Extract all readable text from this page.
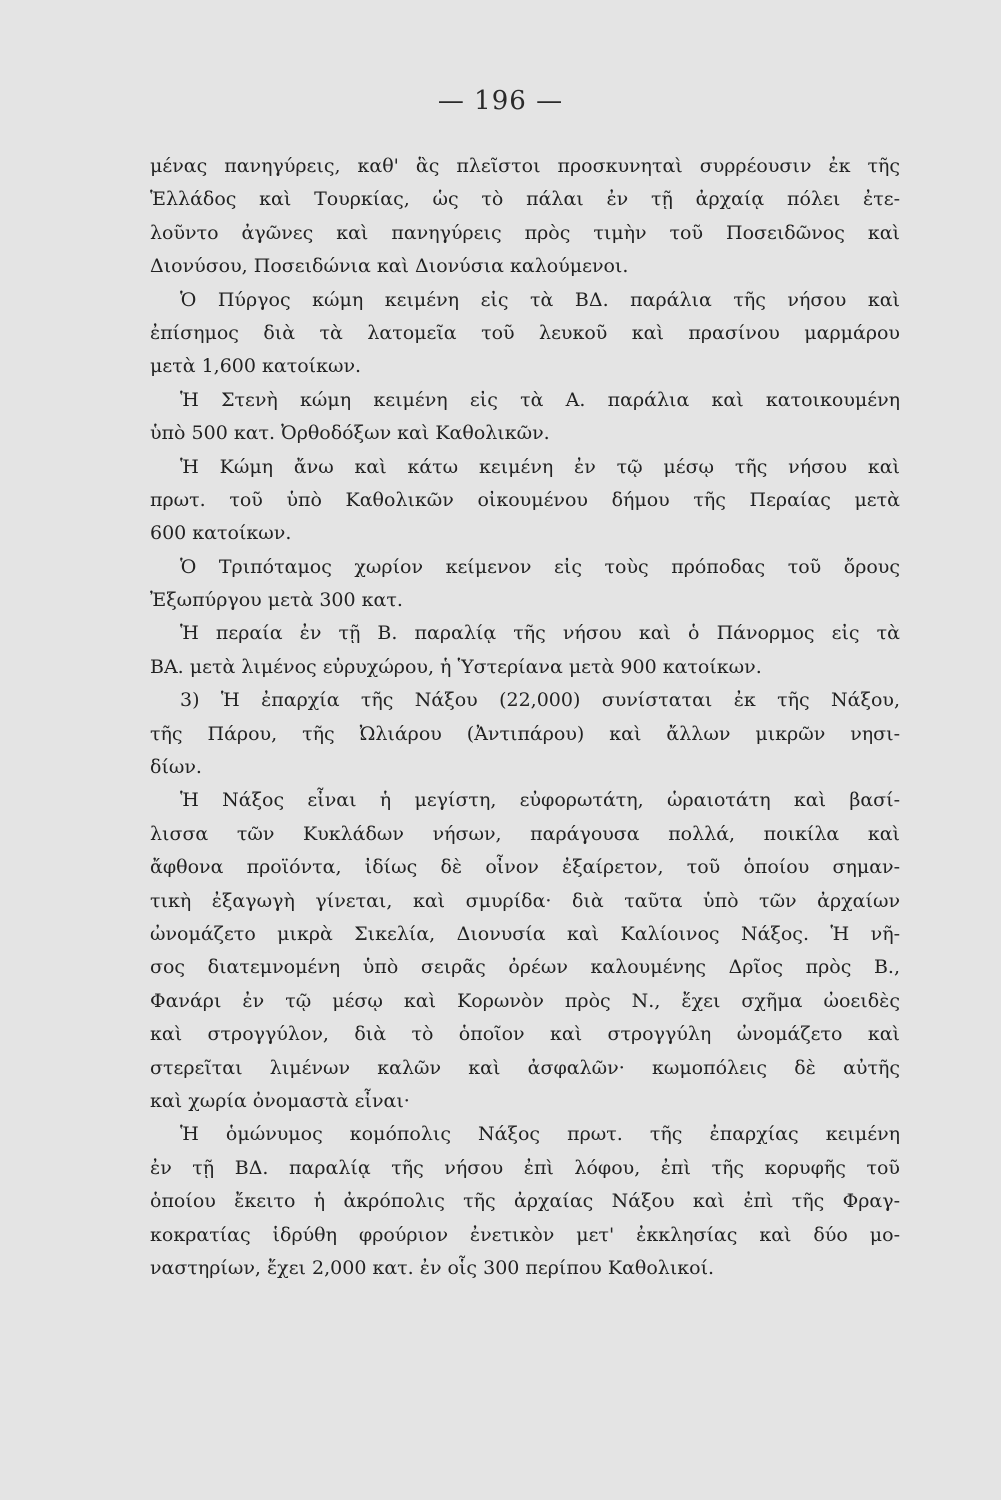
— 196 —
μένας πανηγύρεις, καθ' ἃς πλεῖστοι προσκυνηταὶ συρρέουσιν ἐκ τῆς
Ἑλλάδος καὶ Τουρκίας, ὡς τὸ πάλαι ἐν τῇ ἀρχαίᾳ πόλει ἐτε-
λοῦντο ἀγῶνες καὶ πανηγύρεις πρὸς τιμὴν τοῦ Ποσειδῶνος καὶ
Διονύσου, Ποσειδώνια καὶ Διονύσια καλούμενοι.
Ὁ Πύργος κώμη κειμένη εἰς τὰ ΒΔ. παράλια τῆς νήσου καὶ
ἐπίσημος διὰ τὰ λατομεῖα τοῦ λευκοῦ καὶ πρασίνου μαρμάρου
μετὰ 1,600 κατοίκων.
Ἡ Στενὴ κώμη κειμένη εἰς τὰ Α. παράλια καὶ κατοικουμένη
ὑπὸ 500 κατ. Ὀρθοδόξων καὶ Καθολικῶν.
Ἡ Κώμη ἄνω καὶ κάτω κειμένη ἐν τῷ μέσῳ τῆς νήσου καὶ
πρωτ. τοῦ ὑπὸ Καθολικῶν οἰκουμένου δήμου τῆς Περαίας μετὰ
600 κατοίκων.
Ὁ Τριπόταμος χωρίον κείμενον εἰς τοὺς πρόποδας τοῦ ὄρους
Ἐξωπύργου μετὰ 300 κατ.
Ἡ περαία ἐν τῇ Β. παραλίᾳ τῆς νήσου καὶ ὁ Πάνορμος εἰς τὰ
ΒΑ. μετὰ λιμένος εὐρυχώρου, ἡ Ὑστερίανα μετὰ 900 κατοίκων.
3) Ἡ ἐπαρχία τῆς Νάξου (22,000) συνίσταται ἐκ τῆς Νάξου,
τῆς Πάρου, τῆς Ὠλιάρου (Ἀντιπάρου) καὶ ἄλλων μικρῶν νησι-
δίων.
Ἡ Νάξος εἶναι ἡ μεγίστη, εὐφορωτάτη, ὡραιοτάτη καὶ βασί-
λισσα τῶν Κυκλάδων νήσων, παράγουσα πολλά, ποικίλα καὶ
ἄφθονα προϊόντα, ἰδίως δὲ οἶνον ἐξαίρετον, τοῦ ὁποίου σημαν-
τικὴ ἐξαγωγὴ γίνεται, καὶ σμυρίδα· διὰ ταῦτα ὑπὸ τῶν ἀρχαίων
ὠνομάζετο μικρὰ Σικελία, Διονυσία καὶ Καλίοινος Νάξος. Ἡ νῆ-
σος διατεμνομένη ὑπὸ σειρᾶς ὀρέων καλουμένης Δρῖος πρὸς Β.,
Φανάρι ἐν τῷ μέσῳ καὶ Κορωνὸν πρὸς Ν., ἔχει σχῆμα ὠοειδὲς
καὶ στρογγύλον, διὰ τὸ ὁποῖον καὶ στρογγύλη ὠνομάζετο καὶ
στερεῖται λιμένων καλῶν καὶ ἀσφαλῶν· κωμοπόλεις δὲ αὐτῆς
καὶ χωρία ὀνομαστὰ εἶναι·
Ἡ ὁμώνυμος κομόπολις Νάξος πρωτ. τῆς ἐπαρχίας κειμένη
ἐν τῇ ΒΔ. παραλίᾳ τῆς νήσου ἐπὶ λόφου, ἐπὶ τῆς κορυφῆς τοῦ
ὁποίου ἔκειτο ἡ ἀκρόπολις τῆς ἀρχαίας Νάξου καὶ ἐπὶ τῆς Φραγ-
κοκρατίας ἱδρύθη φρούριον ἐνετικὸν μετ' ἐκκλησίας καὶ δύο μο-
ναστηρίων, ἔχει 2,000 κατ. ἐν οἷς 300 περίπου Καθολικοί.
